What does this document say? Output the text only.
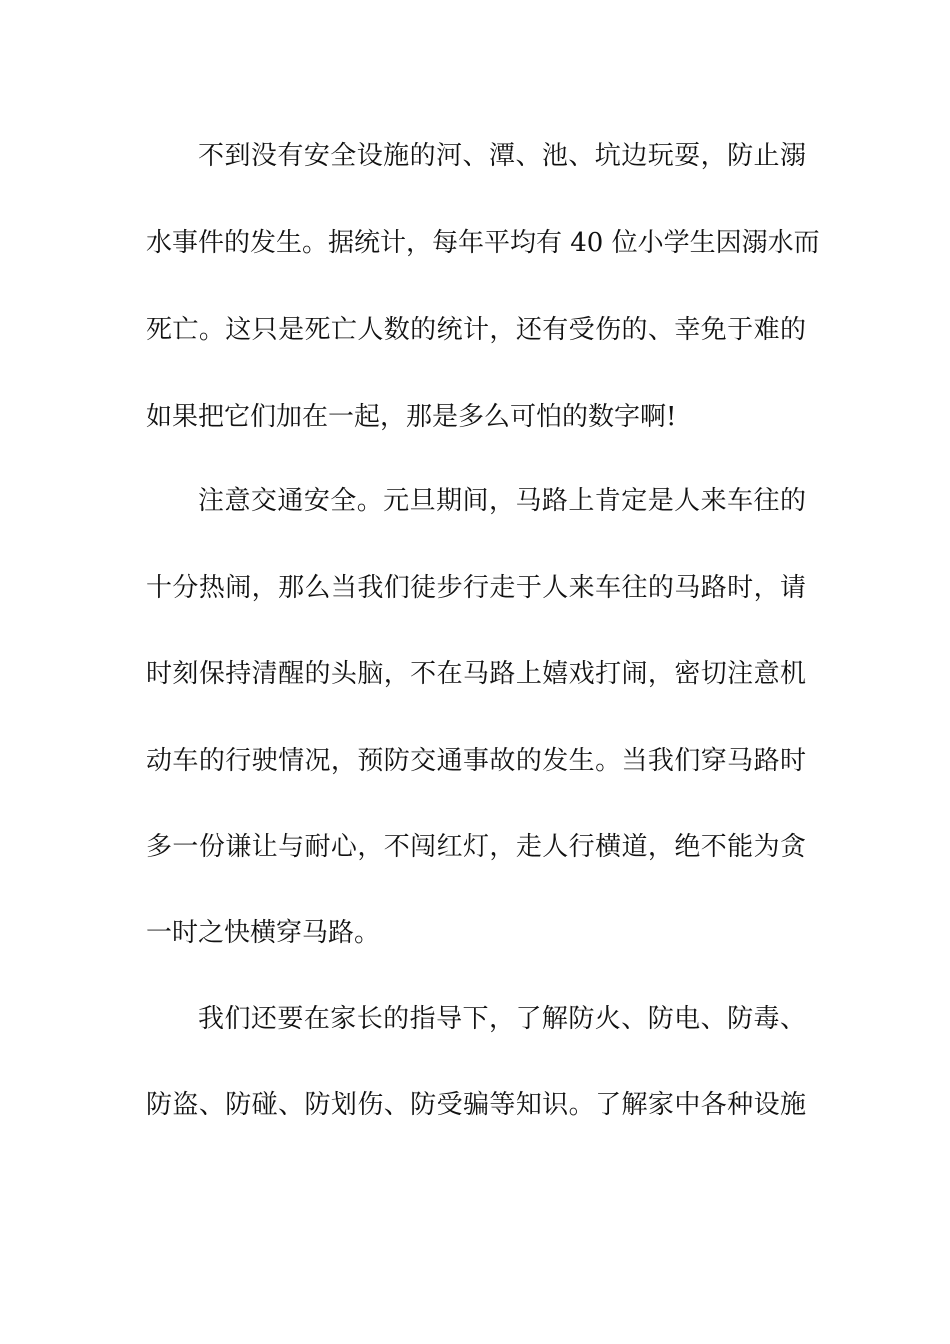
不到没有安全设施的河、潭、池、坑边玩耍，防止溺
水事件的发生。据统计，每年平均有 40 位小学生因溺水而
死亡。这只是死亡人数的统计，还有受伤的、幸免于难的
如果把它们加在一起，那是多么可怕的数字啊!
注意交通安全。元旦期间，马路上肯定是人来车往的
十分热闹，那么当我们徒步行走于人来车往的马路时，请
时刻保持清醒的头脑，不在马路上嬉戏打闹，密切注意机
动车的行驶情况，预防交通事故的发生。当我们穿马路时
多一份谦让与耐心，不闯红灯，走人行横道，绝不能为贪
一时之快横穿马路。
我们还要在家长的指导下，了解防火、防电、防毒、
防盗、防碰、防划伤、防受骗等知识。了解家中各种设施
